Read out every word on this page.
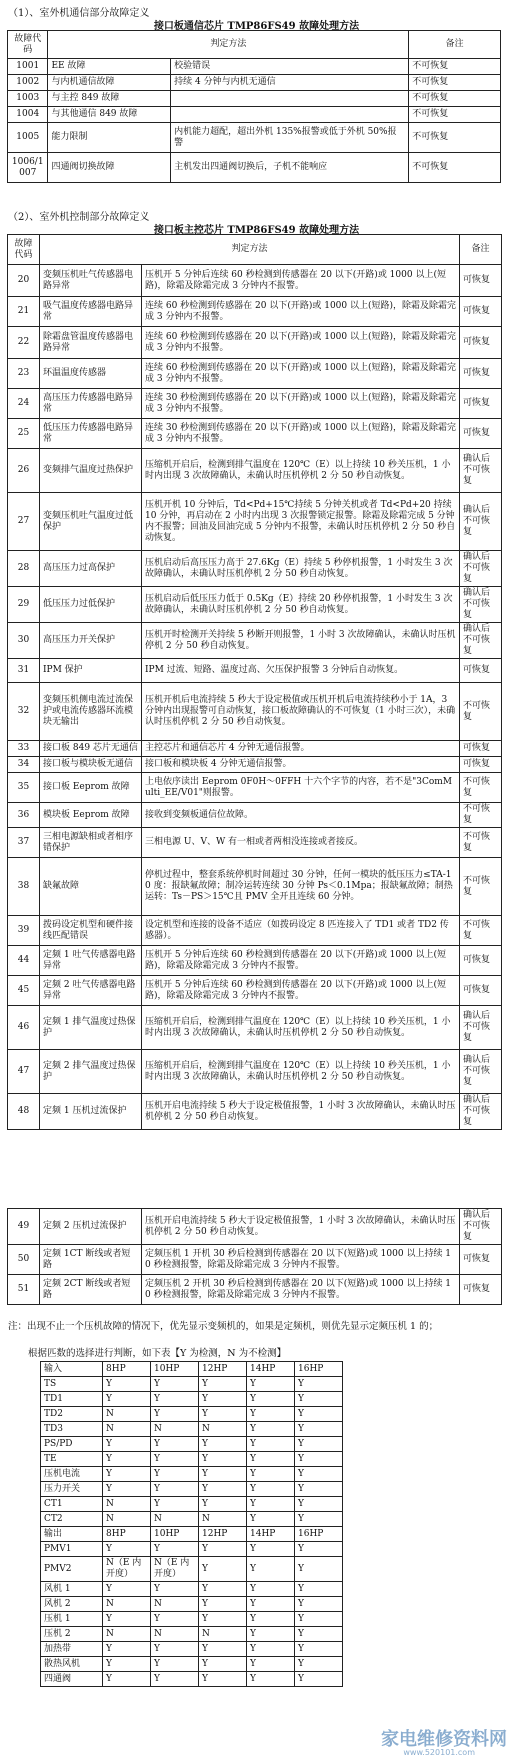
（1）、室外机通信部分故障定义
接口板通信芯片 TMP86FS49 故障处理方法
故障代码	判定方法		备注
1001	EE 故障	校验错误	不可恢复
1002	与内机通信故障	持续 4 分钟与内机无通信	不可恢复
1003	与主控 849 故障		不可恢复
1004	与其他通信 849 故障		不可恢复
1005	能力限制	内机能力超配，超出外机 135%报警或低于外机 50%报警	不可恢复
1006/1007	四通阀切换故障	主机发出四通阀切换后，子机不能响应	不可恢复
（2）、室外机控制部分故障定义
接口板主控芯片 TMP86FS49 故障处理方法
故障代码	判定方法		备注
20	变频压机吐气传感器电路异常	压机开 5 分钟后连续 60 秒检测到传感器在 20 以下(开路)或 1000 以上(短路)，除霜及除霜完成 3 分钟内不报警。	可恢复
21	吸气温度传感器电路异常	连续 60 秒检测到传感器在 20 以下(开路)或 1000 以上(短路)，除霜及除霜完成 3 分钟内不报警。	可恢复
22	除霜盘管温度传感器电路异常	连续 60 秒检测到传感器在 20 以下(开路)或 1000 以上(短路)，除霜及除霜完成 3 分钟内不报警。	可恢复
23	环温温度传感器	连续 60 秒检测到传感器在 20 以下(开路)或 1000 以上(短路)，除霜及除霜完成 3 分钟内不报警。	可恢复
24	高压压力传感器电路异常	连续 30 秒检测到传感器在 20 以下(开路)或 1000 以上(短路)，除霜及除霜完成 3 分钟内不报警。	可恢复
25	低压压力传感器电路异常	连续 30 秒检测到传感器在 20 以下(开路)或 1000 以上(短路)，除霜及除霜完成 3 分钟内不报警。	可恢复
26	变频排气温度过热保护	压缩机开启后，检测到排气温度在 120℃（E）以上持续 10 秒关压机，1 小时内出现 3 次故障确认，未确认时压机停机 2 分 50 秒自动恢复。	确认后不可恢复
27	变频压机吐气温度过低保护	压机开机 10 分钟后，Td<Pd+15℃持续 5 分钟关机或者 Td<Pd+20 持续 10 分钟，再启动在 2 小时内出现 3 次报警锁定报警。除霜及除霜完成 5 分钟内不报警；回油及回油完成 5 分钟内不报警，未确认时压机停机 2 分 50 秒自动恢复。	确认后不可恢复
28	高压压力过高保护	压机启动后高压压力高于 27.6Kg（E）持续 5 秒停机报警，1 小时发生 3 次故障确认，未确认时压机停机 2 分 50 秒自动恢复。	确认后不可恢复
29	低压压力过低保护	压机启动后低压压力低于 0.5Kg（E）持续 20 秒停机报警，1 小时发生 3 次故障确认，未确认时压机停机 2 分 50 秒自动恢复。	确认后不可恢复
30	高压压力开关保护	压机开时检测开关持续 5 秒断开则报警，1 小时 3 次故障确认，未确认时压机停机 2 分 50 秒自动恢复。	确认后不可恢复
31	IPM 保护	IPM 过流、短路、温度过高、欠压保护报警 3 分钟后自动恢复。	可恢复
32	变频压机侧电流过流保护或电流传感器环流模块无输出	压机开机后电流持续 5 秒大于设定极值或压机开机后电流持续秒小于 1A，3 分钟内出现报警可自动恢复，接口板故障确认的不可恢复（1 小时三次），未确认时压机停机 2 分 50 秒自动恢复。	不可恢复
33	接口板 849 芯片无通信	主控芯片和通信芯片 4 分钟无通信报警。	可恢复
34	接口板与模块板无通信	接口板和模块板 4 分钟无通信报警。	可恢复
35	接口板 Eeprom 故障	上电依序读出 Eeprom 0F0H～0FFH 十六个字节的内容，若不是"3ComMulti_EE/V01"则报警。	不可恢复
36	模块板 Eeprom 故障	接收到变频板通信位故障。	不可恢复
37	三相电源缺相或者相序错保护	三相电源 U、V、W 有一相或者两相没连接或者接反。	不可恢复
38	缺氟故障	停机过程中，整套系统停机时间超过 30 分钟，任何一模块的低压压力≤TA-10 度：报缺氟故障；制冷运转连续 30 分钟 Ps＜0.1Mpa；报缺氟故障；制热运转：Ts－PS＞15℃且 PMV 全开且连续 60 分钟。	不可恢复
39	拨码设定机型和硬件接线匹配错误	设定机型和连接的设备不适应（如拨码设定 8 匹连接入了 TD1 或者 TD2 传感器）。	不可恢复
44	定频 1 吐气传感器电路异常	压机开 5 分钟后连续 60 秒检测到传感器在 20 以下(开路)或 1000 以上(短路)，除霜及除霜完成 3 分钟内不报警。	可恢复
45	定频 2 吐气传感器电路异常	压机开 5 分钟后连续 60 秒检测到传感器在 20 以下(开路)或 1000 以上(短路)，除霜及除霜完成 3 分钟内不报警。	可恢复
46	定频 1 排气温度过热保护	压缩机开启后，检测到排气温度在 120℃（E）以上持续 10 秒关压机，1 小时内出现 3 次故障确认，未确认时压机停机 2 分 50 秒自动恢复。	确认后不可恢复
47	定频 2 排气温度过热保护	压缩机开启后，检测到排气温度在 120℃（E）以上持续 10 秒关压机，1 小时内出现 3 次故障确认，未确认时压机停机 2 分 50 秒自动恢复。	确认后不可恢复
48	定频 1 压机过流保护	压机开启电流持续 5 秒大于设定极值报警，1 小时 3 次故障确认，未确认时压机停机 2 分 50 秒自动恢复。	确认后不可恢复
49	定频 2 压机过流保护	压机开启电流持续 5 秒大于设定极值报警，1 小时 3 次故障确认，未确认时压机停机 2 分 50 秒自动恢复。	确认后不可恢复
50	定频 1CT 断线或者短路	定频压机 1 开机 30 秒后检测到传感器在 20 以下(短路)或 1000 以上持续 10 秒检测报警，除霜及除霜完成 3 分钟内不报警。	可恢复
51	定频 2CT 断线或者短路	定频压机 2 开机 30 秒后检测到传感器在 20 以下(短路)或 1000 以上持续 10 秒检测报警，除霜及除霜完成 3 分钟内不报警。	可恢复
注：出现不止一个压机故障的情况下，优先显示变频机的，如果是定频机，则优先显示定频压机 1 的；
根据匹数的选择进行判断，如下表【Y 为检测，N 为不检测】
输入	8HP	10HP	12HP	14HP	16HP
TS	Y	Y	Y	Y	Y
TD1	Y	Y	Y	Y	Y
TD2	N	Y	Y	Y	Y
TD3	N	N	N	Y	Y
PS/PD	Y	Y	Y	Y	Y
TE	Y	Y	Y	Y	Y
压机电流	Y	Y	Y	Y	Y
压力开关	Y	Y	Y	Y	Y
CT1	N	Y	Y	Y	Y
CT2	N	N	N	Y	Y
输出	8HP	10HP	12HP	14HP	16HP
PMV1	Y	Y	Y	Y	Y
PMV2	N（E 内开度）	N（E 内开度）	Y	Y	Y
风机 1	Y	Y	Y	Y	Y
风机 2	N	N	Y	Y	Y
压机 1	Y	Y	Y	Y	Y
压机 2	N	N	N	Y	Y
加热带	Y	Y	Y	Y	Y
散热风机	Y	Y	Y	Y	Y
四通阀	Y	Y	Y	Y	Y
家电维修资料网
www.520101.com
